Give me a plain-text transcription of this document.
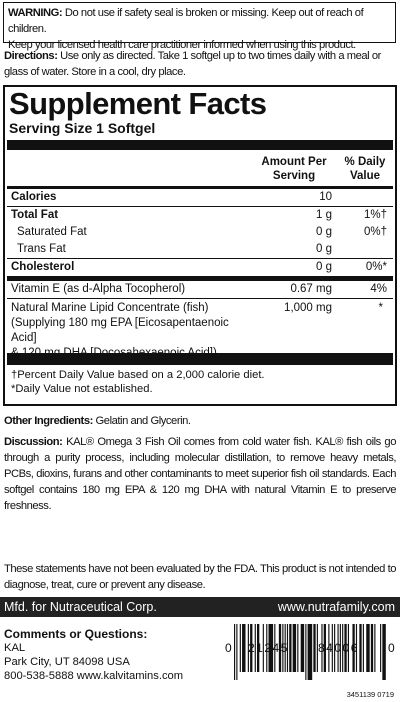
WARNING: Do not use if safety seal is broken or missing. Keep out of reach of children.
Keep your licensed health care practitioner informed when using this product.
Directions: Use only as directed. Take 1 softgel up to two times daily with a meal or glass of water. Store in a cool, dry place.
Supplement Facts
Serving Size 1 Softgel
Amount Per Serving
% Daily Value
Calories	10
Total Fat	1 g	1%†
Saturated Fat	0 g	0%†
Trans Fat	0 g
Cholesterol	0 g	0%*
Vitamin E (as d-Alpha Tocopherol)	0.67 mg	4%
Natural Marine Lipid Concentrate (fish)
(Supplying 180 mg EPA [Eicosapentaenoic Acid]
& 120 mg DHA [Docosahexaenoic Acid])
1,000 mg	*
†Percent Daily Value based on a 2,000 calorie diet.
*Daily Value not established.
Other Ingredients: Gelatin and Glycerin.
Discussion: KAL® Omega 3 Fish Oil comes from cold water fish. KAL® fish oils go through a purity process, including molecular distillation, to remove heavy metals, PCBs, dioxins, furans and other contaminants to meet superior fish oil standards. Each softgel contains 180 mg EPA & 120 mg DHA with natural Vitamin E to preserve freshness.
These statements have not been evaluated by the FDA. This product is not intended to diagnose, treat, cure or prevent any disease.
Mfd. for Nutraceutical Corp.	www.nutrafamily.com
Comments or Questions:
KAL
Park City, UT 84098 USA
800-538-5888 www.kalvitamins.com
0 21245 84006 0
3451139 0719
